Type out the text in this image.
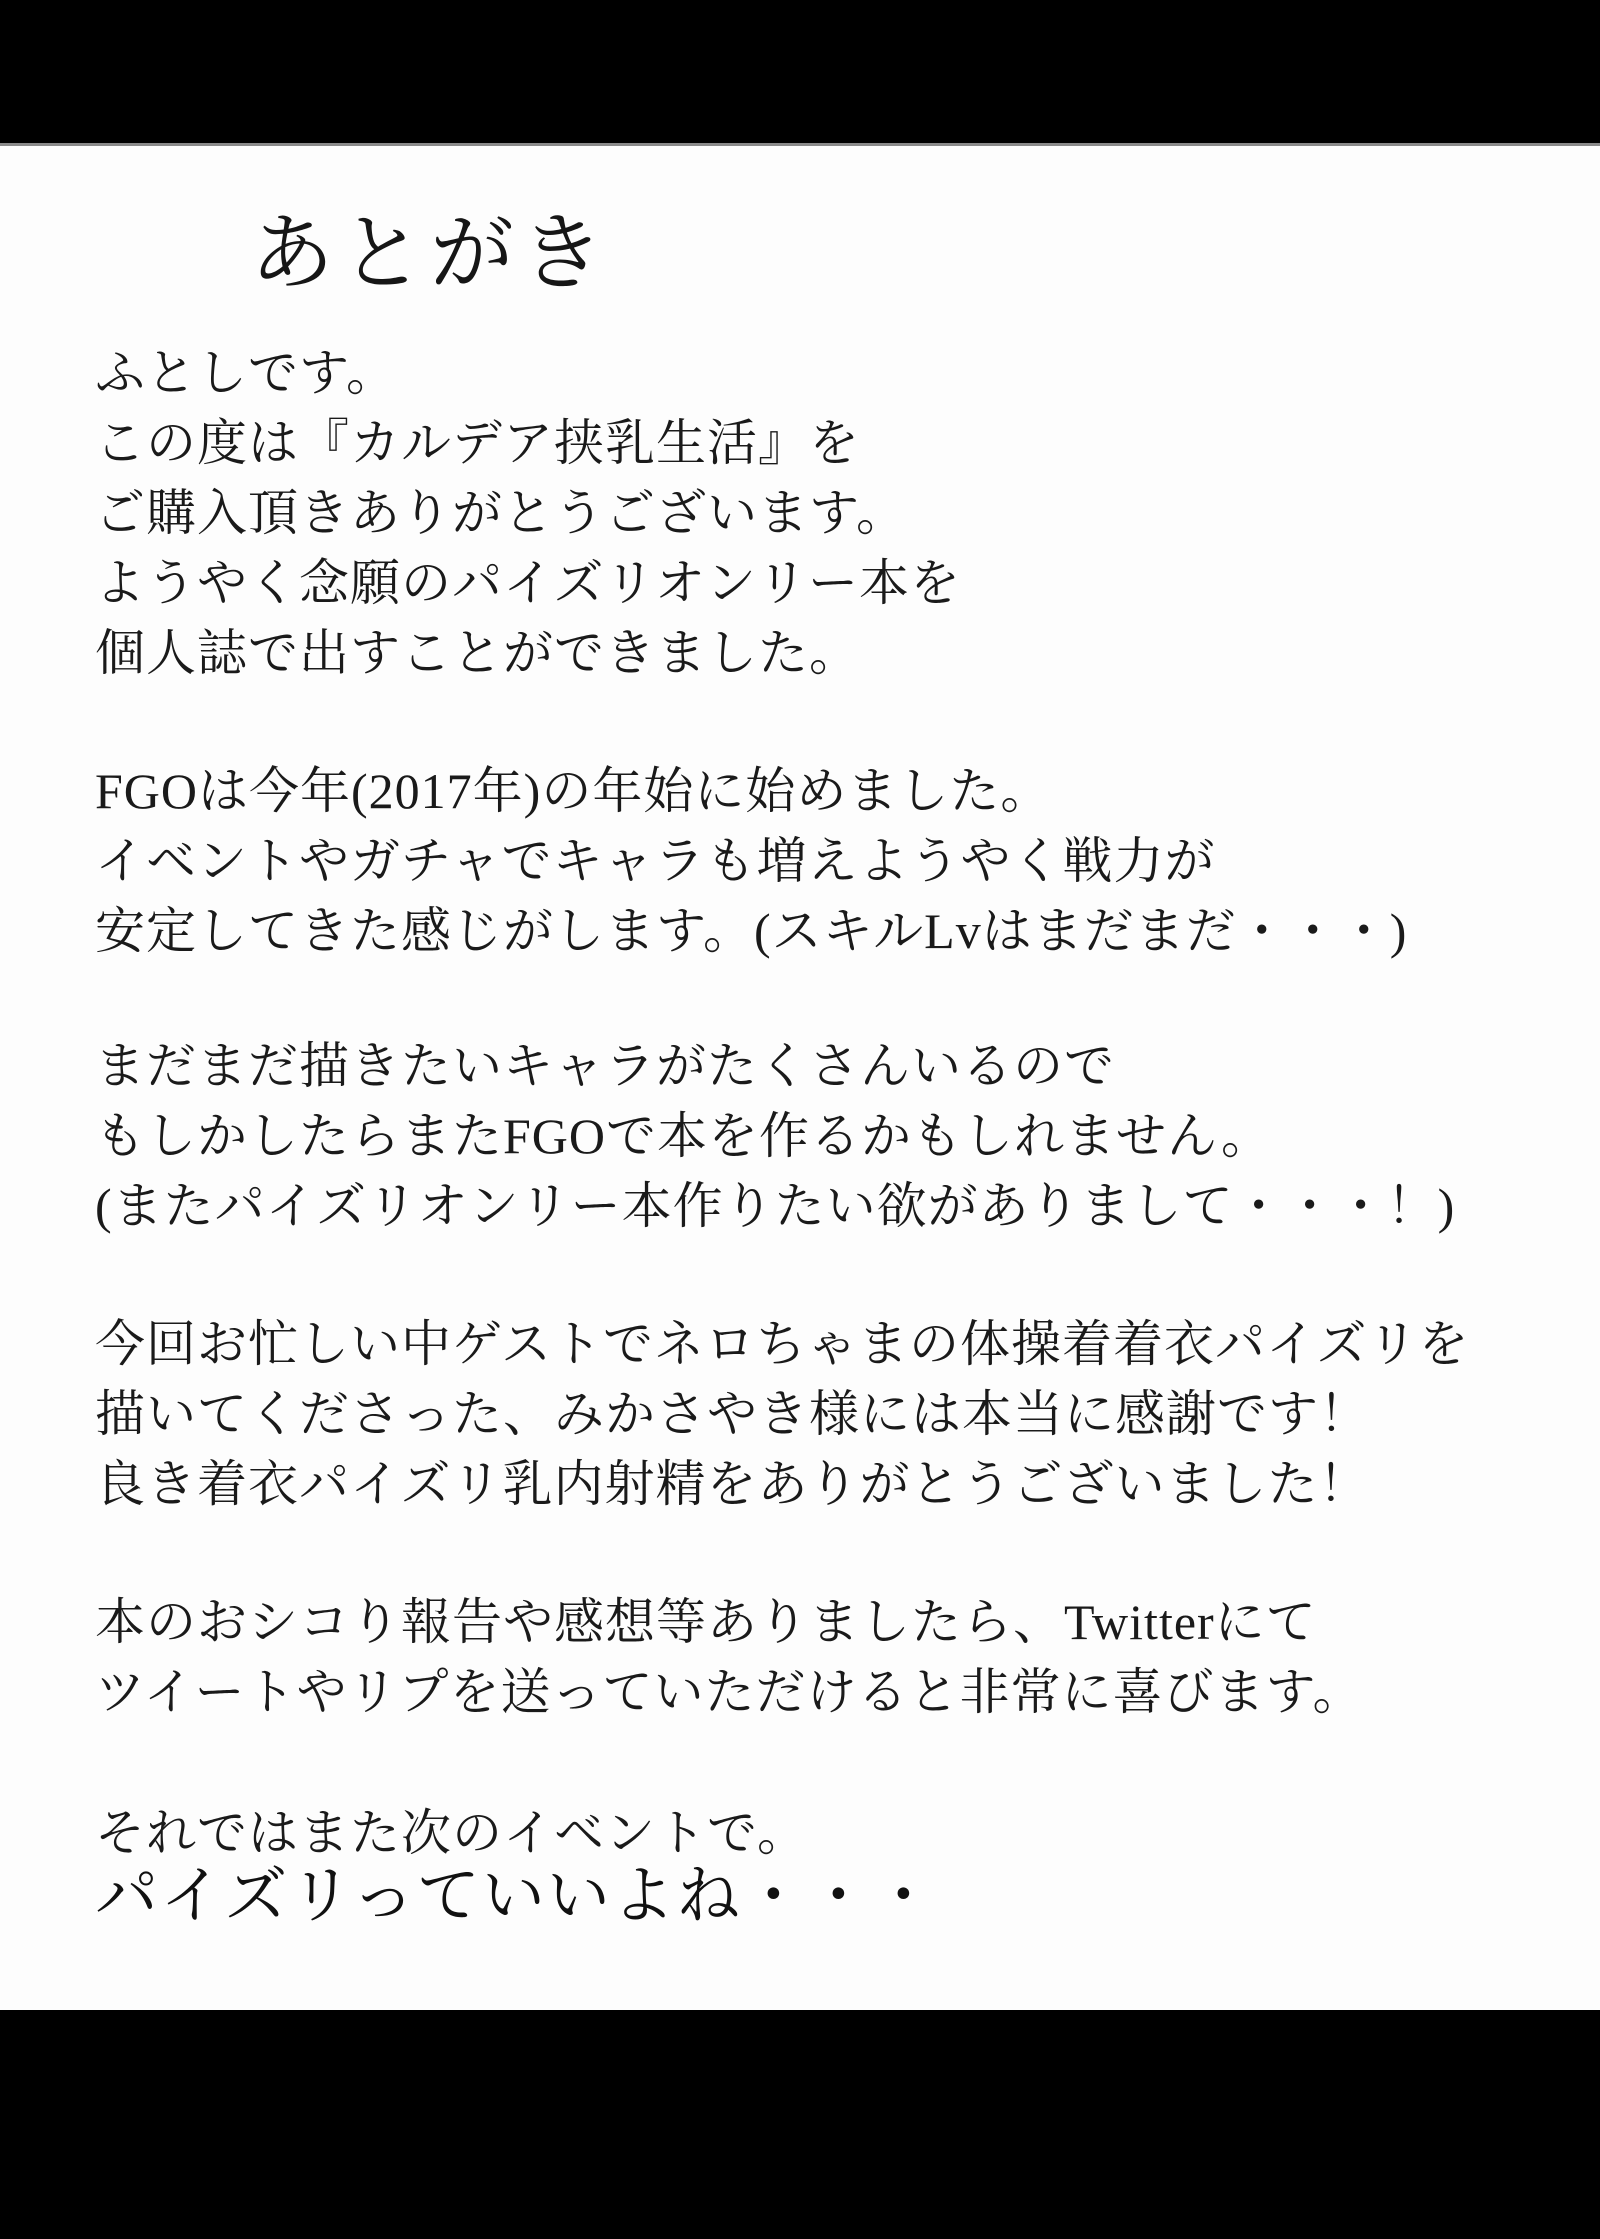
あとがき
ふとしです。
この度は『カルデア挟乳生活』を
ご購入頂きありがとうございます。
ようやく念願のパイズリオンリー本を
個人誌で出すことができました。
FGOは今年(2017年)の年始に始めました。
イベントやガチャでキャラも増えようやく戦力が
安定してきた感じがします。(スキルLvはまだまだ・・・)
まだまだ描きたいキャラがたくさんいるので
もしかしたらまたFGOで本を作るかもしれません。
(またパイズリオンリー本作りたい欲がありまして・・・！)
今回お忙しい中ゲストでネロちゃまの体操着着衣パイズリを
描いてくださった、みかさやき様には本当に感謝です！
良き着衣パイズリ乳内射精をありがとうございました！
本のおシコり報告や感想等ありましたら、Twitterにて
ツイートやリプを送っていただけると非常に喜びます。
それではまた次のイベントで。
パイズリっていいよね・・・
